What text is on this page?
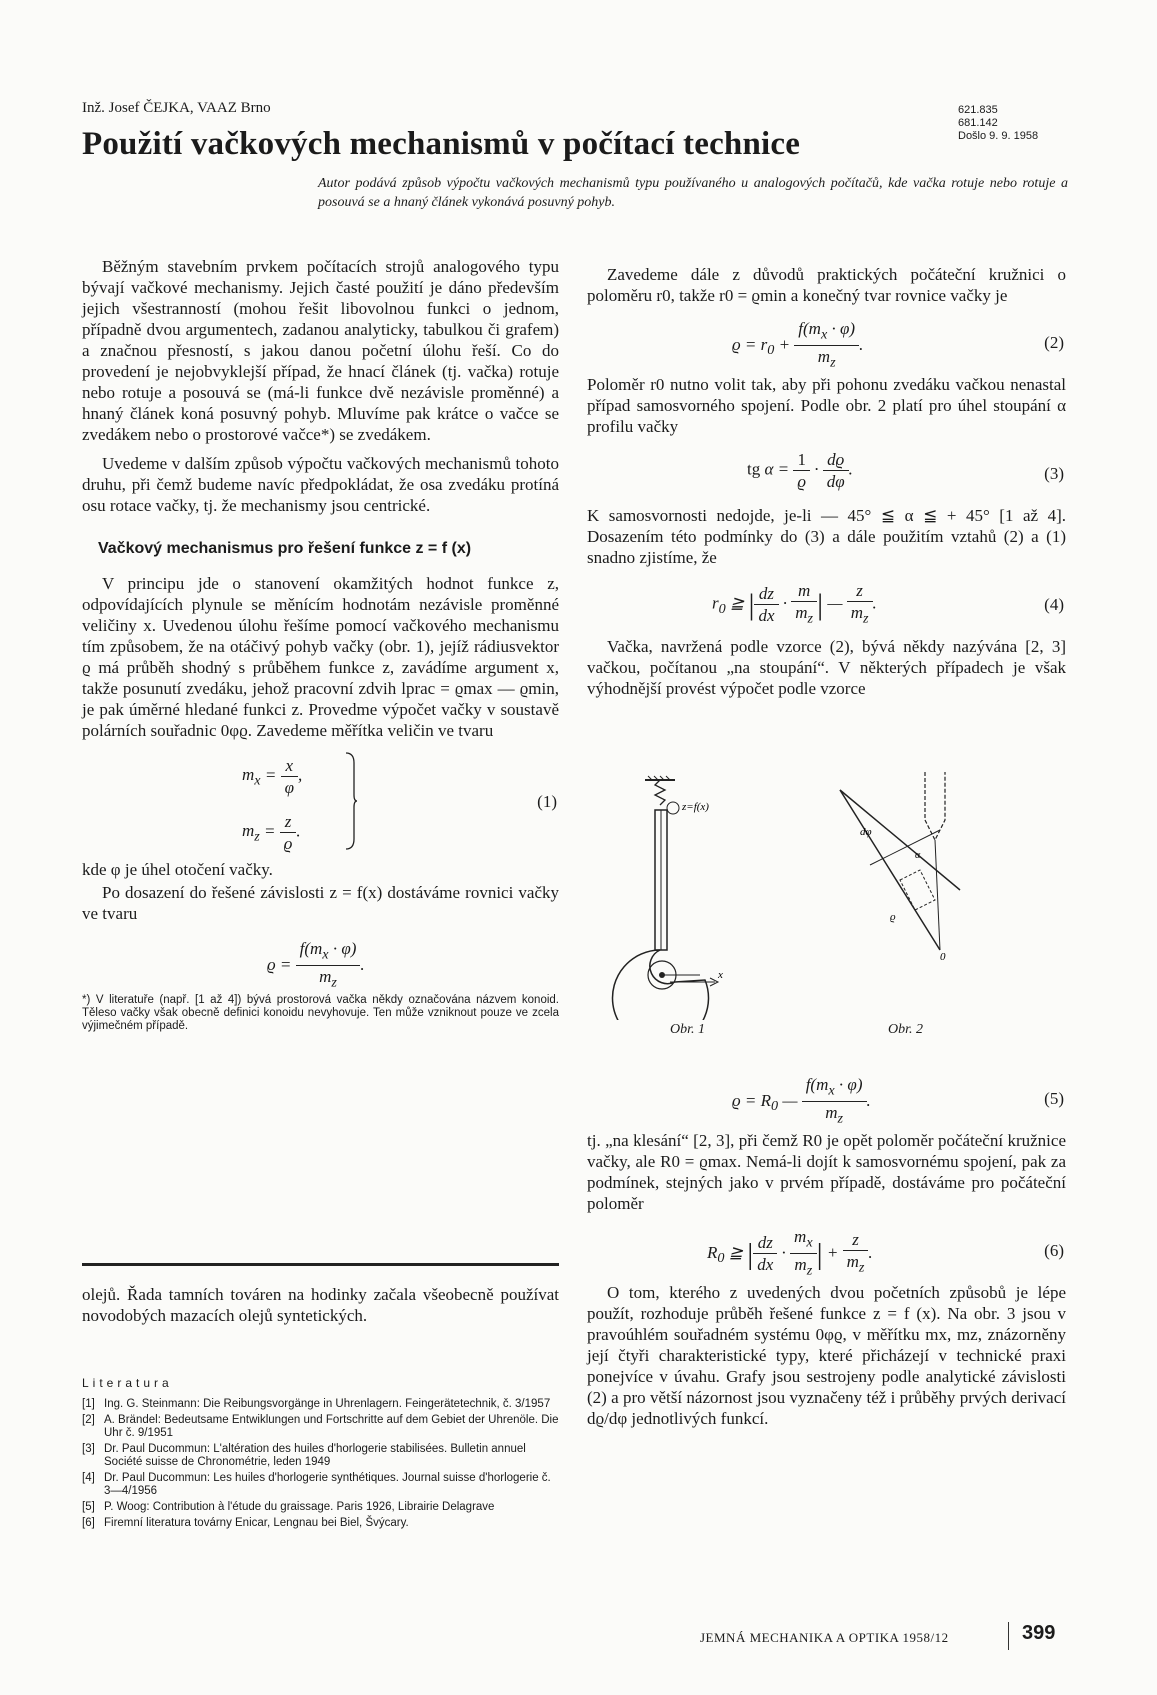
Inž. Josef ČEJKA, VAAZ Brno
Použití vačkových mechanismů v počítací technice
621.835
681.142
Došlo 9. 9. 1958
Autor podává způsob výpočtu vačkových mechanismů typu používaného u analogových počítačů, kde vačka rotuje nebo rotuje a posouvá se a hnaný článek vykonává posuvný pohyb.

Běžným stavebním prvkem počítacích strojů analogového typu bývají vačkové mechanismy. Jejich časté použití je dáno především jejich všestranností (mohou řešit libovolnou funkci o jednom, případně dvou argumentech, zadanou analyticky, tabulkou či grafem) a značnou přesností, s jakou danou početní úlohu řeší. Co do provedení je nejobvyklejší případ, že hnací článek (tj. vačka) rotuje nebo rotuje a posouvá se (má-li funkce dvě nezávisle proměnné) a hnaný článek koná posuvný pohyb. Mluvíme pak krátce o vačce se zvedákem nebo o prostorové vačce*) se zvedákem.

Uvedeme v dalším způsob výpočtu vačkových mechanismů tohoto druhu, při čemž budeme navíc předpokládat, že osa zvedáku protíná osu rotace vačky, tj. že mechanismy jsou centrické.

Vačkový mechanismus pro řešení funkce z = f (x)

V principu jde o stanovení okamžitých hodnot funkce z, odpovídajících plynule se měnícím hodnotám nezávisle proměnné veličiny x. Uvedenou úlohu řešíme pomocí vačkového mechanismu tím způsobem, že na otáčivý pohyb vačky (obr. 1), jejíž rádiusvektor ϱ má průběh shodný s průběhem funkce z, zavádíme argument x, takže posunutí zvedáku, jehož pracovní zdvih lprac = ϱmax — ϱmin, je pak úměrné hledané funkci z. Provedme výpočet vačky v soustavě polárních souřadnic 0φϱ. Zavedeme měřítka veličin ve tvaru

$m_x = \frac{x}{\varphi}$ ,
$m_z = \frac{z}{ϱ}$ .
(1)

kde φ je úhel otočení vačky.

Po dosazení do řešené závislosti z = f(x) dostáváme rovnici vačky ve tvaru

$ϱ = \frac{f(m_x \cdot \varphi)}{m_z}$ .
*) V literatuře (např. [1 až 4]) bývá prostorová vačka někdy označována názvem konoid. Těleso vačky však obecně definici konoidu nevyhovuje. Ten může vzniknout pouze ve zcela výjimečném případě.

olejů. Řada tamních továren na hodinky začala všeobecně používat novodobých mazacích olejů syntetických.

Literatura
[1] Ing. G. Steinmann: Die Reibungsvorgänge in Uhrenlagern. Feingerätetechnik, č. 3/1957
[2] A. Brändel: Bedeutsame Entwiklungen und Fortschritte auf dem Gebiet der Uhrenöle. Die Uhr č. 9/1951
[3] Dr. Paul Ducommun: L'altération des huiles d'horlogerie stabilisées. Bulletin annuel Société suisse de Chronométrie, leden 1949
[4] Dr. Paul Ducommun: Les huiles d'horlogerie synthétiques. Journal suisse d'horlogerie č. 3—4/1956
[5] P. Woog: Contribution à l'étude du graissage. Paris 1926, Librairie Delagrave
[6] Firemní literatura továrny Enicar, Lengnau bei Biel, Švýcary.

Zavedeme dále z důvodů praktických počáteční kružnici o poloměru r0, takže r0 = ϱmin a konečný tvar rovnice vačky je

$ϱ = r_0 + \frac{f(m_x \cdot \varphi)}{m_z}$ .	(2)

Poloměr r0 nutno volit tak, aby při pohonu zvedáku vačkou nenastal případ samosvorného spojení. Podle obr. 2 platí pro úhel stoupání α profilu vačky

tg $\alpha = \frac{1}{ϱ} \cdot \frac{dϱ}{d\varphi}$ .	(3)

K samosvornosti nedojde, je-li — 45° ≦ α ≦ + 45° [1 až 4]. Dosazením této podmínky do (3) a dále použitím vztahů (2) a (1) snadno zjistíme, že

$r_0$ ≧ | $\frac{dz}{dx} \cdot \frac{m}{m_z}$ | — $\frac{z}{m_z}$ .	(4)

Vačka, navržená podle vzorce (2), bývá někdy nazývána [2, 3] vačkou, počítanou „na stoupání“. V některých případech je však výhodnější provést výpočet podle vzorce

z=f(x)
x
Obr. 1
dφ
α
ϱ
0
Obr. 2
$ϱ = R_0$ — $\frac{f(m_x \cdot \varphi)}{m_z}$ .	(5)

tj. „na klesání“ [2, 3], při čemž R0 je opět poloměr počáteční kružnice vačky, ale R0 = ϱmax. Nemá-li dojít k samosvornému spojení, pak za podmínek, stejných jako v prvém případě, dostáváme pro počáteční poloměr

$R_0$ ≧ | $\frac{dz}{dx} \cdot \frac{m_x}{m_z}$ | + $\frac{z}{m_z}$ .	(6)

O tom, kterého z uvedených dvou početních způsobů je lépe použít, rozhoduje průběh řešené funkce z = f (x). Na obr. 3 jsou v pravoúhlém souřadném systému 0φϱ, v měřítku mx, mz, znázorněny její čtyři charakteristické typy, které přicházejí v technické praxi ponejvíce v úvahu. Grafy jsou sestrojeny podle analytické závislosti (2) a pro větší názornost jsou vyznačeny též i průběhy prvých derivací dϱ/dφ jednotlivých funkcí.

JEMNÁ MECHANIKA A OPTIKA 1958/12	399
